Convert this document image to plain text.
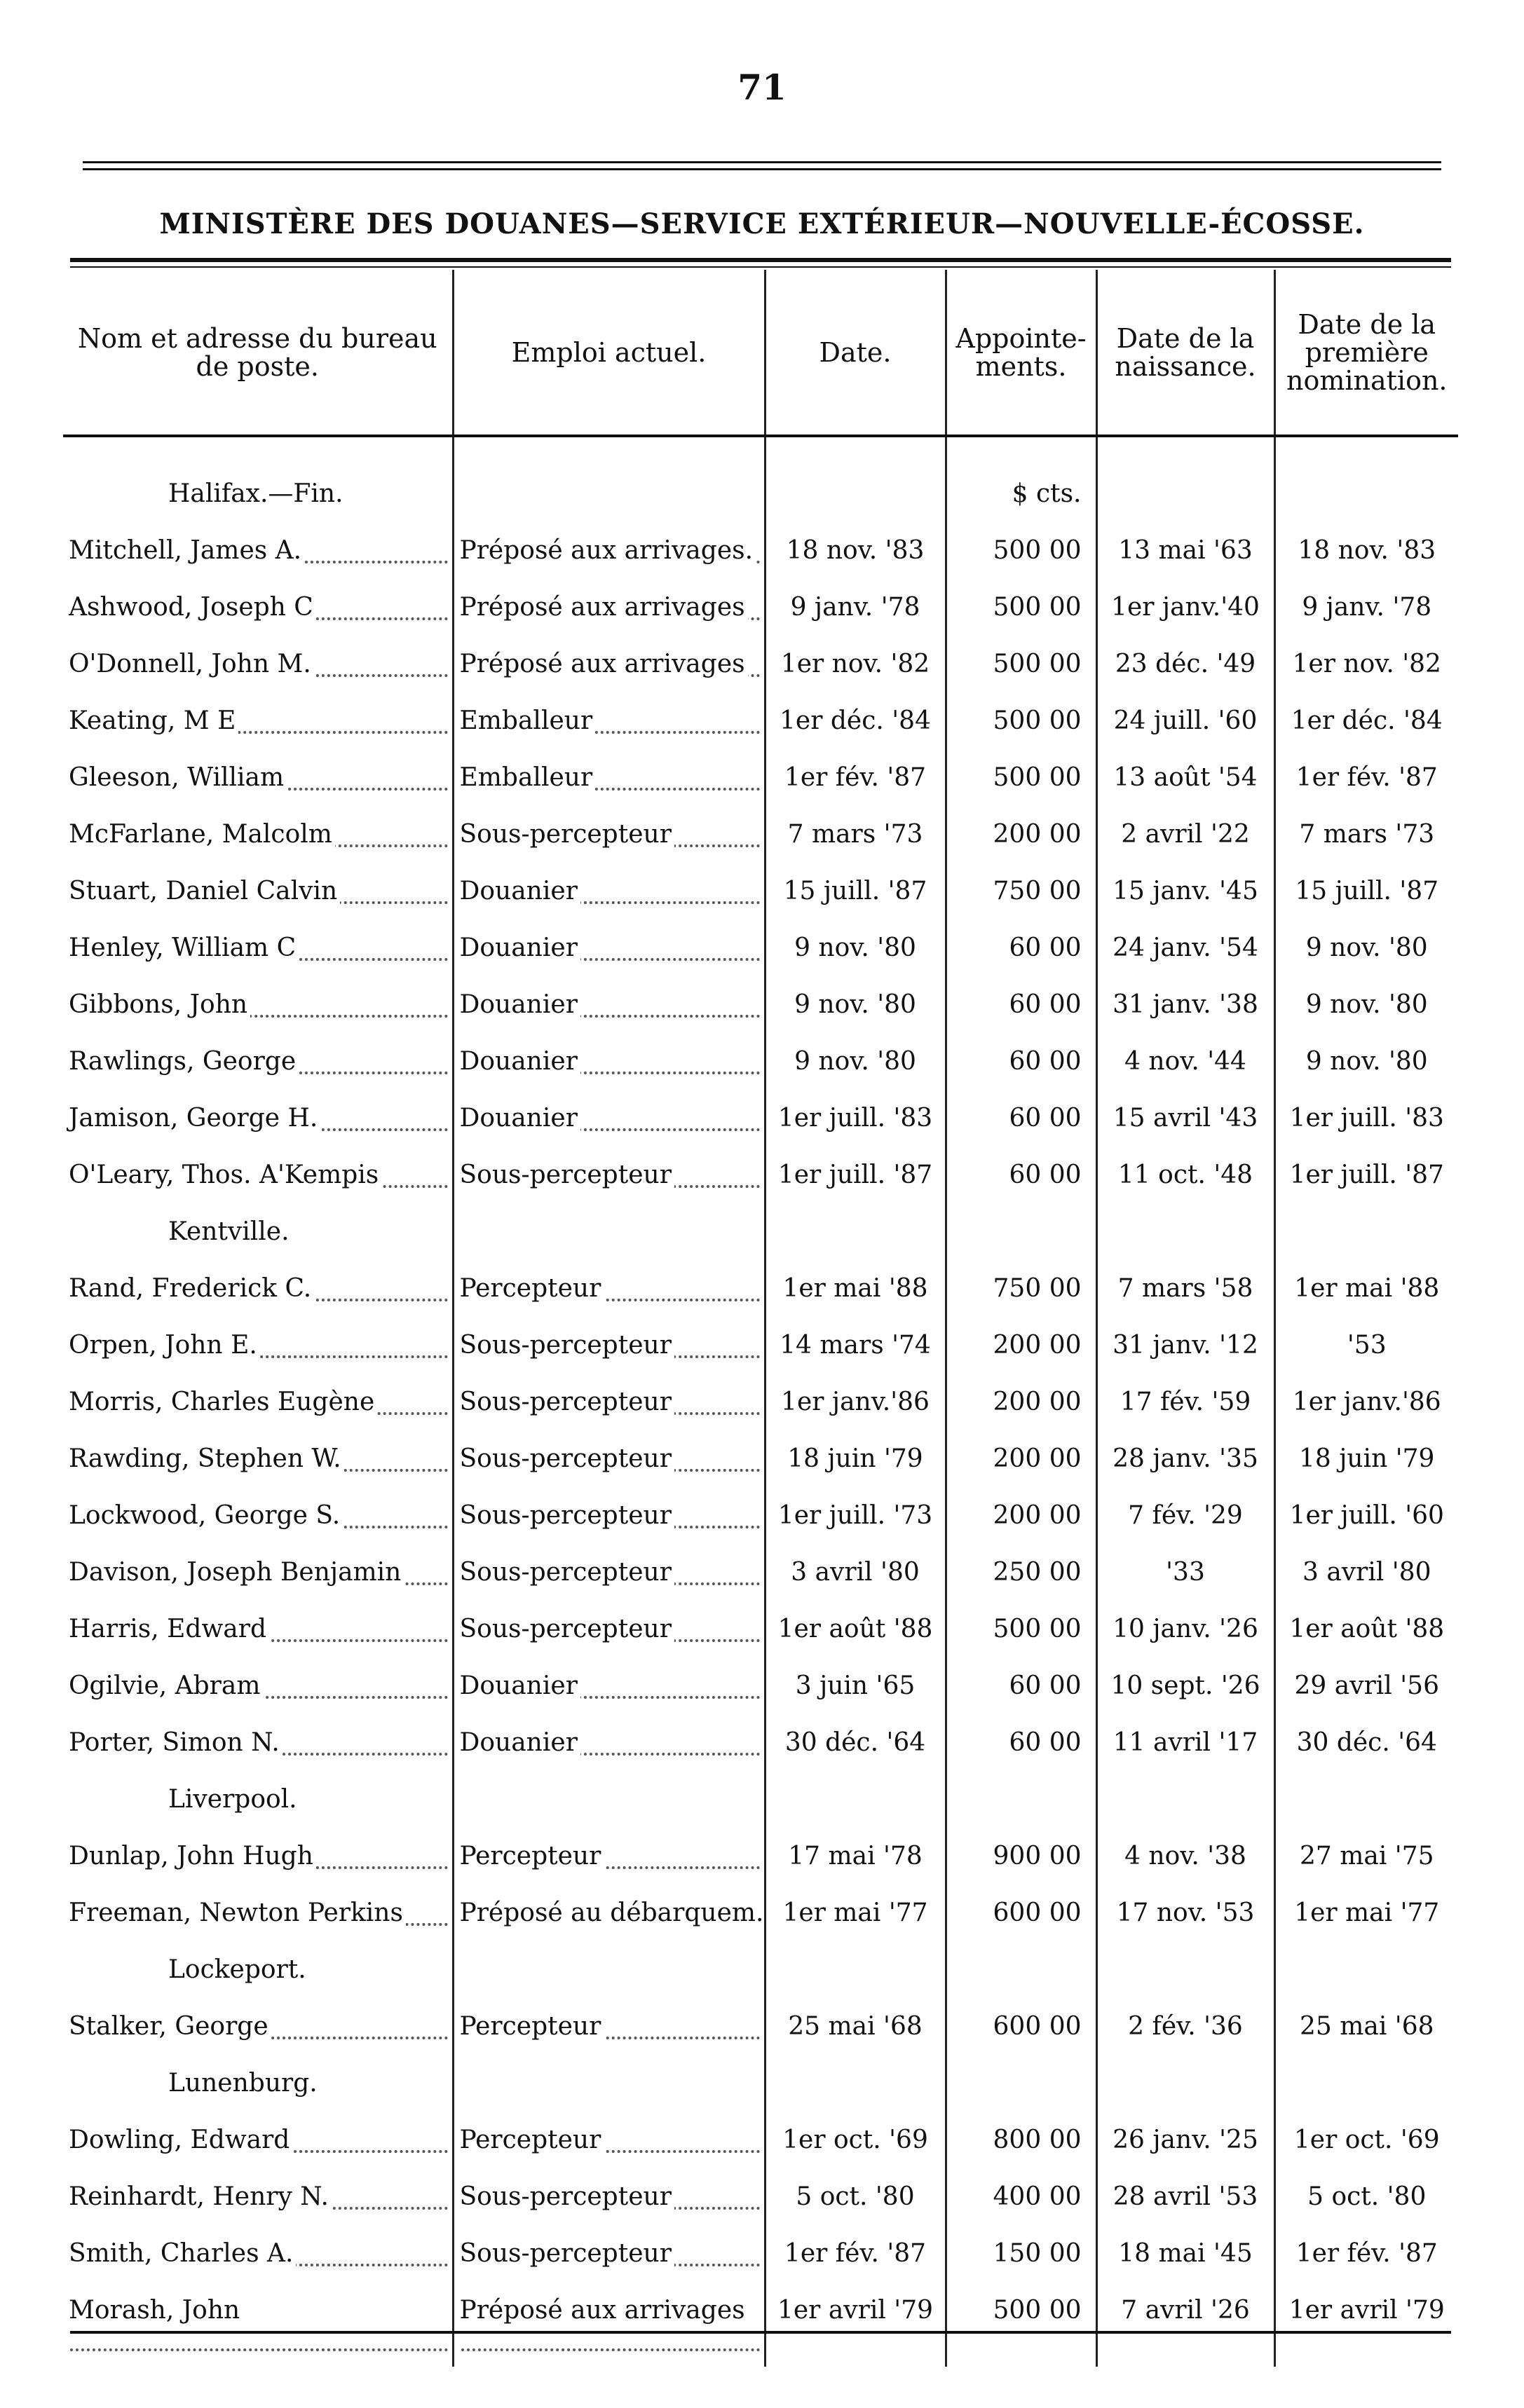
71
MINISTÈRE DES DOUANES—SERVICE EXTÉRIEUR—NOUVELLE-ÉCOSSE.
Nom et adresse du bureau de poste.	Emploi actuel.	Date.	Appointe-ments.	Date de la naissance.	Date de la première nomination.
Halifax.—Fin.			$ cts.		
Mitchell, James A.	Préposé aux arrivages.	18 nov. '83	500 00	13 mai '63	18 nov. '83
Ashwood, Joseph C	Préposé aux arrivages	9 janv. '78	500 00	1er janv.'40	9 janv. '78
O'Donnell, John M.	Préposé aux arrivages	1er nov. '82	500 00	23 déc. '49	1er nov. '82
Keating, M E	Emballeur	1er déc. '84	500 00	24 juill. '60	1er déc. '84
Gleeson, William	Emballeur	1er fév. '87	500 00	13 août '54	1er fév. '87
McFarlane, Malcolm	Sous-percepteur	7 mars '73	200 00	2 avril '22	7 mars '73
Stuart, Daniel Calvin	Douanier	15 juill. '87	750 00	15 janv. '45	15 juill. '87
Henley, William C	Douanier	9 nov. '80	60 00	24 janv. '54	9 nov. '80
Gibbons, John	Douanier	9 nov. '80	60 00	31 janv. '38	9 nov. '80
Rawlings, George	Douanier	9 nov. '80	60 00	4 nov. '44	9 nov. '80
Jamison, George H.	Douanier	1er juill. '83	60 00	15 avril '43	1er juill. '83
O'Leary, Thos. A'Kempis	Sous-percepteur	1er juill. '87	60 00	11 oct. '48	1er juill. '87
Kentville.					
Rand, Frederick C.	Percepteur	1er mai '88	750 00	7 mars '58	1er mai '88
Orpen, John E.	Sous-percepteur	14 mars '74	200 00	31 janv. '12	'53
Morris, Charles Eugène	Sous-percepteur	1er janv.'86	200 00	17 fév. '59	1er janv.'86
Rawding, Stephen W.	Sous-percepteur	18 juin '79	200 00	28 janv. '35	18 juin '79
Lockwood, George S.	Sous-percepteur	1er juill. '73	200 00	7 fév. '29	1er juill. '60
Davison, Joseph Benjamin	Sous-percepteur	3 avril '80	250 00	'33	3 avril '80
Harris, Edward	Sous-percepteur	1er août '88	500 00	10 janv. '26	1er août '88
Ogilvie, Abram	Douanier	3 juin '65	60 00	10 sept. '26	29 avril '56
Porter, Simon N.	Douanier	30 déc. '64	60 00	11 avril '17	30 déc. '64
Liverpool.					
Dunlap, John Hugh	Percepteur	17 mai '78	900 00	4 nov. '38	27 mai '75
Freeman, Newton Perkins	Préposé au débarquem.	1er mai '77	600 00	17 nov. '53	1er mai '77
Lockeport.					
Stalker, George	Percepteur	25 mai '68	600 00	2 fév. '36	25 mai '68
Lunenburg.					
Dowling, Edward	Percepteur	1er oct. '69	800 00	26 janv. '25	1er oct. '69
Reinhardt, Henry N.	Sous-percepteur	5 oct. '80	400 00	28 avril '53	5 oct. '80
Smith, Charles A.	Sous-percepteur	1er fév. '87	150 00	18 mai '45	1er fév. '87
Morash, John	Préposé aux arrivages	1er avril '79	500 00	7 avril '26	1er avril '79
